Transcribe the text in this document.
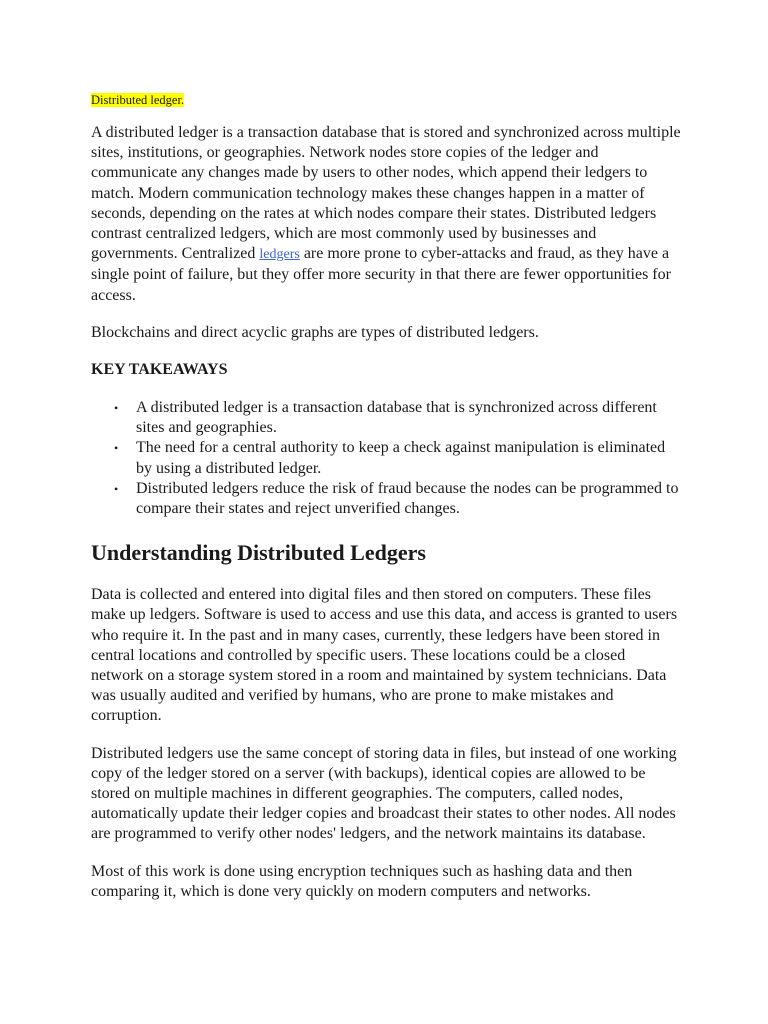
Distributed ledger.

A distributed ledger is a transaction database that is stored and synchronized across multiple sites, institutions, or geographies. Network nodes store copies of the ledger and communicate any changes made by users to other nodes, which append their ledgers to match. Modern communication technology makes these changes happen in a matter of seconds, depending on the rates at which nodes compare their states. Distributed ledgers contrast centralized ledgers, which are most commonly used by businesses and governments. Centralized ledgers are more prone to cyber-attacks and fraud, as they have a single point of failure, but they offer more security in that there are fewer opportunities for access.

Blockchains and direct acyclic graphs are types of distributed ledgers.

KEY TAKEAWAYS
• A distributed ledger is a transaction database that is synchronized across different sites and geographies.
• The need for a central authority to keep a check against manipulation is eliminated by using a distributed ledger.
• Distributed ledgers reduce the risk of fraud because the nodes can be programmed to compare their states and reject unverified changes.
Understanding Distributed Ledgers

Data is collected and entered into digital files and then stored on computers. These files make up ledgers. Software is used to access and use this data, and access is granted to users who require it. In the past and in many cases, currently, these ledgers have been stored in central locations and controlled by specific users. These locations could be a closed network on a storage system stored in a room and maintained by system technicians. Data was usually audited and verified by humans, who are prone to make mistakes and corruption.

Distributed ledgers use the same concept of storing data in files, but instead of one working copy of the ledger stored on a server (with backups), identical copies are allowed to be stored on multiple machines in different geographies. The computers, called nodes, automatically update their ledger copies and broadcast their states to other nodes. All nodes are programmed to verify other nodes' ledgers, and the network maintains its database.

Most of this work is done using encryption techniques such as hashing data and then comparing it, which is done very quickly on modern computers and networks.
